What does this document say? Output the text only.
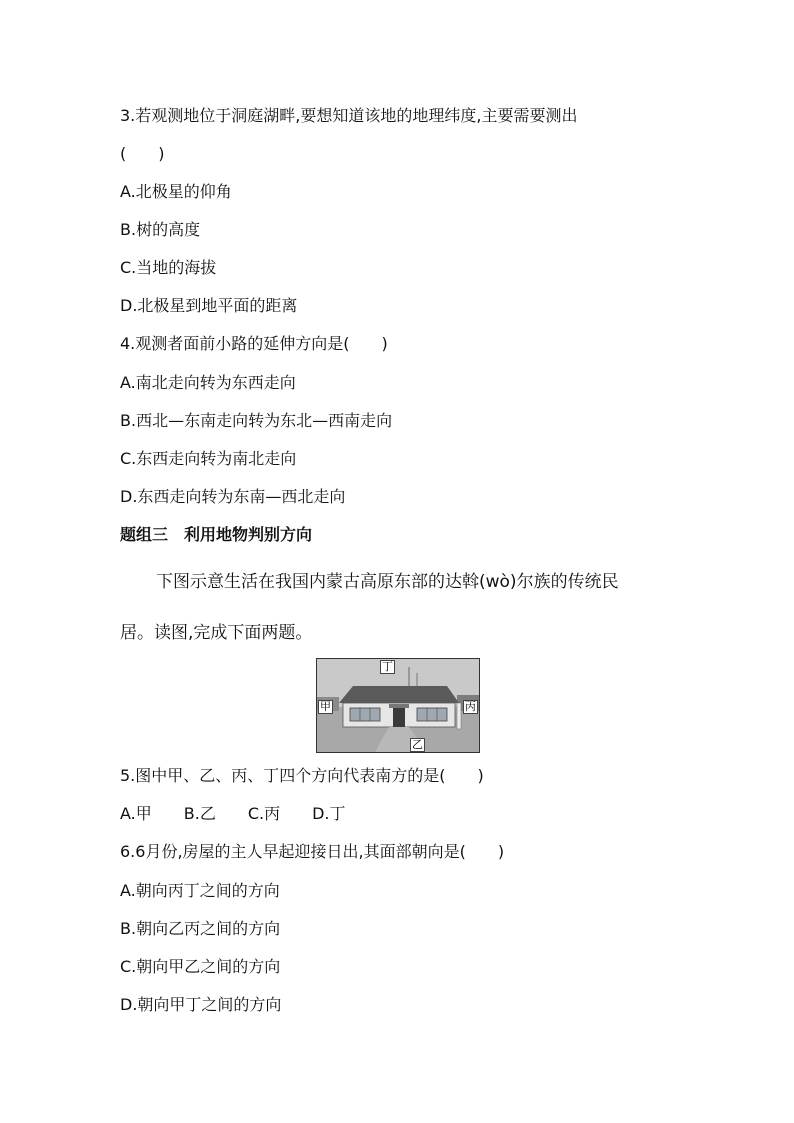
3.若观测地位于洞庭湖畔,要想知道该地的地理纬度,主要需要测出
(　　)
A.北极星的仰角
B.树的高度
C.当地的海拔
D.北极星到地平面的距离
4.观测者面前小路的延伸方向是(　　)
A.南北走向转为东西走向
B.西北—东南走向转为东北—西南走向
C.东西走向转为南北走向
D.东西走向转为东南—西北走向
题组三　利用地物判别方向
下图示意生活在我国内蒙古高原东部的达斡(wò)尔族的传统民
居。读图,完成下面两题。
丁
乙
甲	丙
5.图中甲、乙、丙、丁四个方向代表南方的是(　　)
A.甲　　B.乙　　C.丙　　D.丁
6.6月份,房屋的主人早起迎接日出,其面部朝向是(　　)
A.朝向丙丁之间的方向
B.朝向乙丙之间的方向
C.朝向甲乙之间的方向
D.朝向甲丁之间的方向
